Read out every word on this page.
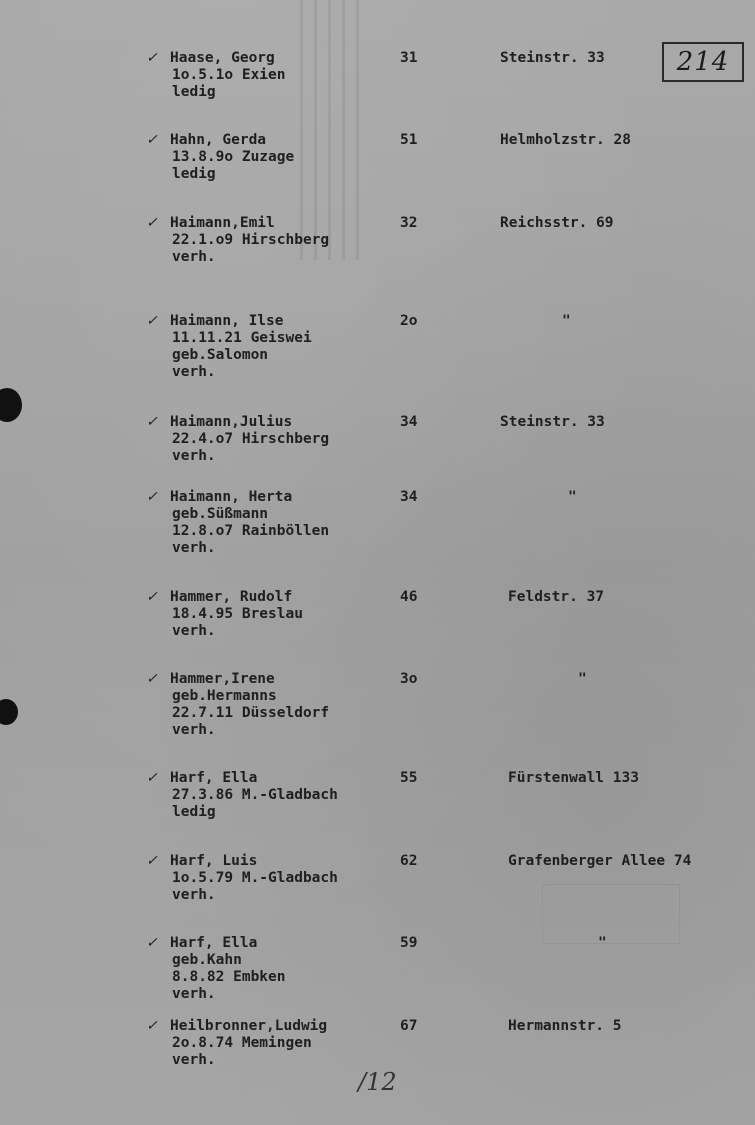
214
✓ Haase, Georg
1o.5.1o Exien
ledig
31	Steinstr. 33
✓ Hahn, Gerda
13.8.9o Zuzage
ledig
51	Helmholzstr. 28
✓ Haimann,Emil
22.1.o9 Hirschberg
verh.
32	Reichsstr. 69
✓ Haimann, Ilse
11.11.21 Geiswei
geb.Salomon
verh.
2o	"
✓ Haimann,Julius
22.4.o7 Hirschberg
verh.
34	Steinstr. 33
✓ Haimann, Herta
geb.Süßmann
12.8.o7 Rainböllen
verh.
34	"
✓ Hammer, Rudolf
18.4.95 Breslau
verh.
46	Feldstr. 37
✓ Hammer,Irene
geb.Hermanns
22.7.11 Düsseldorf
verh.
3o	"
✓ Harf, Ella
27.3.86 M.-Gladbach
ledig
55	Fürstenwall 133
✓ Harf, Luis
1o.5.79 M.-Gladbach
verh.
62	Grafenberger Allee 74
✓ Harf, Ella
geb.Kahn
8.8.82 Embken
verh.
59	"
✓ Heilbronner,Ludwig
2o.8.74 Memingen
verh.
67	Hermannstr. 5
/12
